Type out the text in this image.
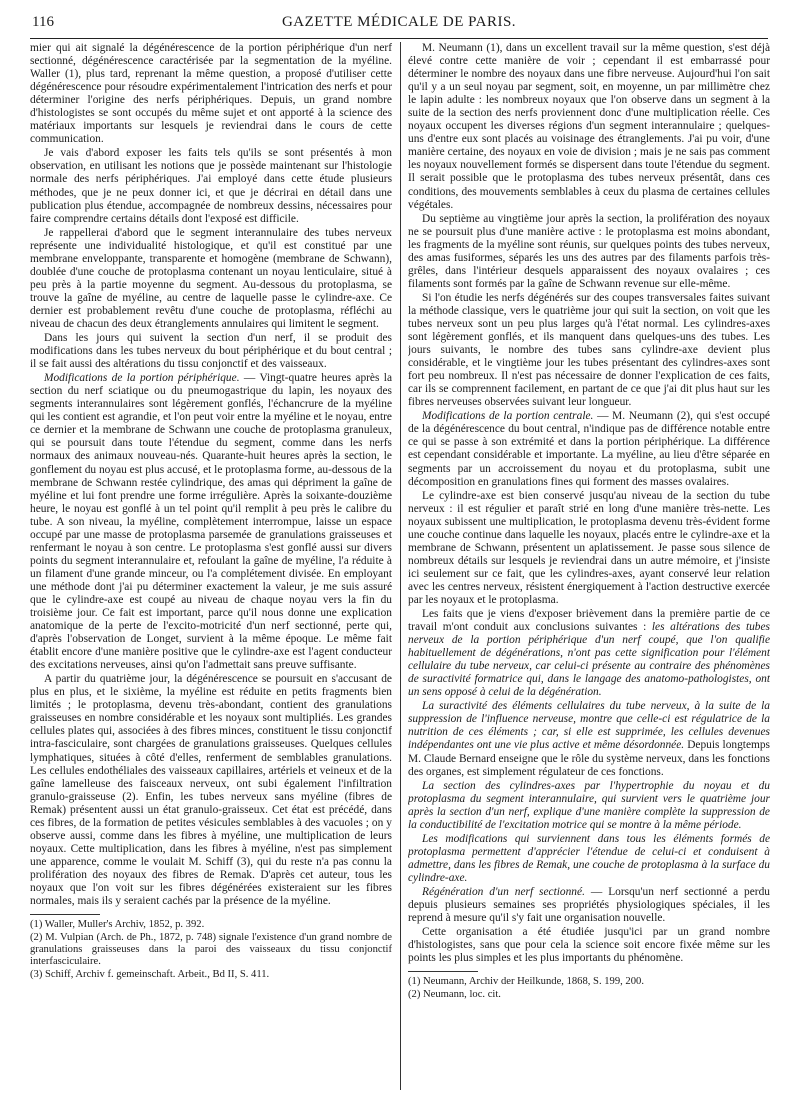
116	GAZETTE MÉDICALE DE PARIS.

mier qui ait signalé la dégénérescence de la portion périphérique d'un nerf sectionné, dégénérescence caractérisée par la segmentation de la myéline. Waller (1), plus tard, reprenant la même question, a proposé d'utiliser cette dégénérescence pour résoudre expérimentalement l'intrication des nerfs et pour déterminer l'origine des nerfs périphériques. Depuis, un grand nombre d'histologistes se sont occupés du même sujet et ont apporté à la science des matériaux importants sur lesquels je reviendrai dans le cours de cette communication.

Je vais d'abord exposer les faits tels qu'ils se sont présentés à mon observation, en utilisant les notions que je possède maintenant sur l'histologie normale des nerfs périphériques. J'ai employé dans cette étude plusieurs méthodes, que je ne peux donner ici, et que je décrirai en détail dans une publication plus étendue, accompagnée de nombreux dessins, nécessaires pour faire comprendre certains détails dont l'exposé est difficile.

Je rappellerai d'abord que le segment interannulaire des tubes nerveux représente une individualité histologique, et qu'il est constitué par une membrane enveloppante, transparente et homogène (membrane de Schwann), doublée d'une couche de protoplasma contenant un noyau lenticulaire, situé à peu près à la partie moyenne du segment. Au-dessous du protoplasma, se trouve la gaîne de myéline, au centre de laquelle passe le cylindre-axe. Ce dernier est probablement revêtu d'une couche de protoplasma, réfléchi au niveau de chacun des deux étranglements annulaires qui limitent le segment.

Dans les jours qui suivent la section d'un nerf, il se produit des modifications dans les tubes nerveux du bout périphérique et du bout central ; il se fait aussi des altérations du tissu conjonctif et des vaisseaux.

Modifications de la portion périphérique. — Vingt-quatre heures après la section du nerf sciatique ou du pneumogastrique du lapin, les noyaux des segments interannulaires sont légèrement gonflés, l'échancrure de la myéline qui les contient est agrandie, et l'on peut voir entre la myéline et le noyau, entre ce dernier et la membrane de Schwann une couche de protoplasma granuleux, qui se poursuit dans toute l'étendue du segment, comme dans les nerfs normaux des animaux nouveau-nés. Quarante-huit heures après la section, le gonflement du noyau est plus accusé, et le protoplasma forme, au-dessous de la membrane de Schwann restée cylindrique, des amas qui dépriment la gaîne de myéline et lui font prendre une forme irrégulière. Après la soixante-douzième heure, le noyau est gonflé à un tel point qu'il remplit à peu près le calibre du tube. A son niveau, la myéline, complètement interrompue, laisse un espace occupé par une masse de protoplasma parsemée de granulations graisseuses et renfermant le noyau à son centre. Le protoplasma s'est gonflé aussi sur divers points du segment interannulaire et, refoulant la gaîne de myéline, l'a réduite à un filament d'une grande minceur, ou l'a complétement divisée. En employant une méthode dont j'ai pu déterminer exactement la valeur, je me suis assuré que le cylindre-axe est coupé au niveau de chaque noyau vers la fin du troisième jour. Ce fait est important, parce qu'il nous donne une explication anatomique de la perte de l'excito-motricité d'un nerf sectionné, perte qui, d'après l'observation de Longet, survient à la même époque. Le même fait établit encore d'une manière positive que le cylindre-axe est l'agent conducteur des excitations nerveuses, ainsi qu'on l'admettait sans preuve suffisante.

A partir du quatrième jour, la dégénérescence se poursuit en s'accusant de plus en plus, et le sixième, la myéline est réduite en petits fragments bien limités ; le protoplasma, devenu très-abondant, contient des granulations graisseuses en nombre considérable et les noyaux sont multipliés. Les grandes cellules plates qui, associées à des fibres minces, constituent le tissu conjonctif intra-fasciculaire, sont chargées de granulations graisseuses. Quelques cellules lymphatiques, situées à côté d'elles, renferment de semblables granulations. Les cellules endothéliales des vaisseaux capillaires, artériels et veineux et de la gaîne lamelleuse des faisceaux nerveux, ont subi également l'infiltration granulo-graisseuse (2). Enfin, les tubes nerveux sans myéline (fibres de Remak) présentent aussi un état granulo-graisseux. Cet état est précédé, dans ces fibres, de la formation de petites vésicules semblables à des vacuoles ; on y observe aussi, comme dans les fibres à myéline, une multiplication de leurs noyaux. Cette multiplication, dans les fibres à myéline, n'est pas simplement une apparence, comme le voulait M. Schiff (3), qui du reste n'a pas connu la prolifération des noyaux des fibres de Remak. D'après cet auteur, tous les noyaux que l'on voit sur les fibres dégénérées existeraient sur les fibres normales, mais ils y seraient cachés par la présence de la myéline.

(1) Waller, Muller's Archiv, 1852, p. 392.

(2) M. Vulpian (Arch. de Ph., 1872, p. 748) signale l'existence d'un grand nombre de granulations graisseuses dans la paroi des vaisseaux du tissu conjonctif interfasciculaire.

(3) Schiff, Archiv f. gemeinschaft. Arbeit., Bd II, S. 411.

M. Neumann (1), dans un excellent travail sur la même question, s'est déjà élevé contre cette manière de voir ; cependant il est embarrassé pour déterminer le nombre des noyaux dans une fibre nerveuse. Aujourd'hui l'on sait qu'il y a un seul noyau par segment, soit, en moyenne, un par millimètre chez le lapin adulte : les nombreux noyaux que l'on observe dans un segment à la suite de la section des nerfs proviennent donc d'une multiplication réelle. Ces noyaux occupent les diverses régions d'un segment interannulaire ; quelques-uns d'entre eux sont placés au voisinage des étranglements. J'ai pu voir, d'une manière certaine, des noyaux en voie de division ; mais je ne sais pas comment les noyaux nouvellement formés se dispersent dans toute l'étendue du segment. Il serait possible que le protoplasma des tubes nerveux présentât, dans ces conditions, des mouvements semblables à ceux du plasma de certaines cellules végétales.

Du septième au vingtième jour après la section, la prolifération des noyaux ne se poursuit plus d'une manière active : le protoplasma est moins abondant, les fragments de la myéline sont réunis, sur quelques points des tubes nerveux, des amas fusiformes, séparés les uns des autres par des filaments parfois très-grêles, dans l'intérieur desquels apparaissent des noyaux ovalaires ; ces filaments sont formés par la gaîne de Schwann revenue sur elle-même.

Si l'on étudie les nerfs dégénérés sur des coupes transversales faites suivant la méthode classique, vers le quatrième jour qui suit la section, on voit que les tubes nerveux sont un peu plus larges qu'à l'état normal. Les cylindres-axes sont légèrement gonflés, et ils manquent dans quelques-uns des tubes. Les jours suivants, le nombre des tubes sans cylindre-axe devient plus considérable, et le vingtième jour les tubes présentant des cylindres-axes sont fort peu nombreux. Il n'est pas nécessaire de donner l'explication de ces faits, car ils se comprennent facilement, en partant de ce que j'ai dit plus haut sur les fibres nerveuses observées suivant leur longueur.

Modifications de la portion centrale. — M. Neumann (2), qui s'est occupé de la dégénérescence du bout central, n'indique pas de différence notable entre ce qui se passe à son extrémité et dans la portion périphérique. La différence est cependant considérable et importante. La myéline, au lieu d'être séparée en segments par un accroissement du noyau et du protoplasma, subit une décomposition en granulations fines qui forment des masses ovalaires.

Le cylindre-axe est bien conservé jusqu'au niveau de la section du tube nerveux : il est régulier et paraît strié en long d'une manière très-nette. Les noyaux subissent une multiplication, le protoplasma devenu très-évident forme une couche continue dans laquelle les noyaux, placés entre le cylindre-axe et la membrane de Schwann, présentent un aplatissement. Je passe sous silence de nombreux détails sur lesquels je reviendrai dans un autre mémoire, et j'insiste ici seulement sur ce fait, que les cylindres-axes, ayant conservé leur relation avec les centres nerveux, résistent énergiquement à l'action destructive exercée par les noyaux et le protoplasma.

Les faits que je viens d'exposer brièvement dans la première partie de ce travail m'ont conduit aux conclusions suivantes : les altérations des tubes nerveux de la portion périphérique d'un nerf coupé, que l'on qualifie habituellement de dégénérations, n'ont pas cette signification pour l'élément cellulaire du tube nerveux, car celui-ci présente au contraire des phénomènes de suractivité formatrice qui, dans le langage des anatomo-pathologistes, ont un sens opposé à celui de la dégénération.

La suractivité des éléments cellulaires du tube nerveux, à la suite de la suppression de l'influence nerveuse, montre que celle-ci est régulatrice de la nutrition de ces éléments ; car, si elle est supprimée, les cellules devenues indépendantes ont une vie plus active et même désordonnée. Depuis longtemps M. Claude Bernard enseigne que le rôle du système nerveux, dans les fonctions des organes, est simplement régulateur de ces fonctions.

La section des cylindres-axes par l'hypertrophie du noyau et du protoplasma du segment interannulaire, qui survient vers le quatrième jour après la section d'un nerf, explique d'une manière complète la suppression de la conductibilité de l'excitation motrice qui se montre à la même période.

Les modifications qui surviennent dans tous les éléments formés de protoplasma permettent d'apprécier l'étendue de celui-ci et conduisent à admettre, dans les fibres de Remak, une couche de protoplasma à la surface du cylindre-axe.

Régénération d'un nerf sectionné. — Lorsqu'un nerf sectionné a perdu depuis plusieurs semaines ses propriétés physiologiques spéciales, il les reprend à mesure qu'il s'y fait une organisation nouvelle.

Cette organisation a été étudiée jusqu'ici par un grand nombre d'histologistes, sans que pour cela la science soit encore fixée même sur les points les plus simples et les plus importants du phénomène.

(1) Neumann, Archiv der Heilkunde, 1868, S. 199, 200.

(2) Neumann, loc. cit.
